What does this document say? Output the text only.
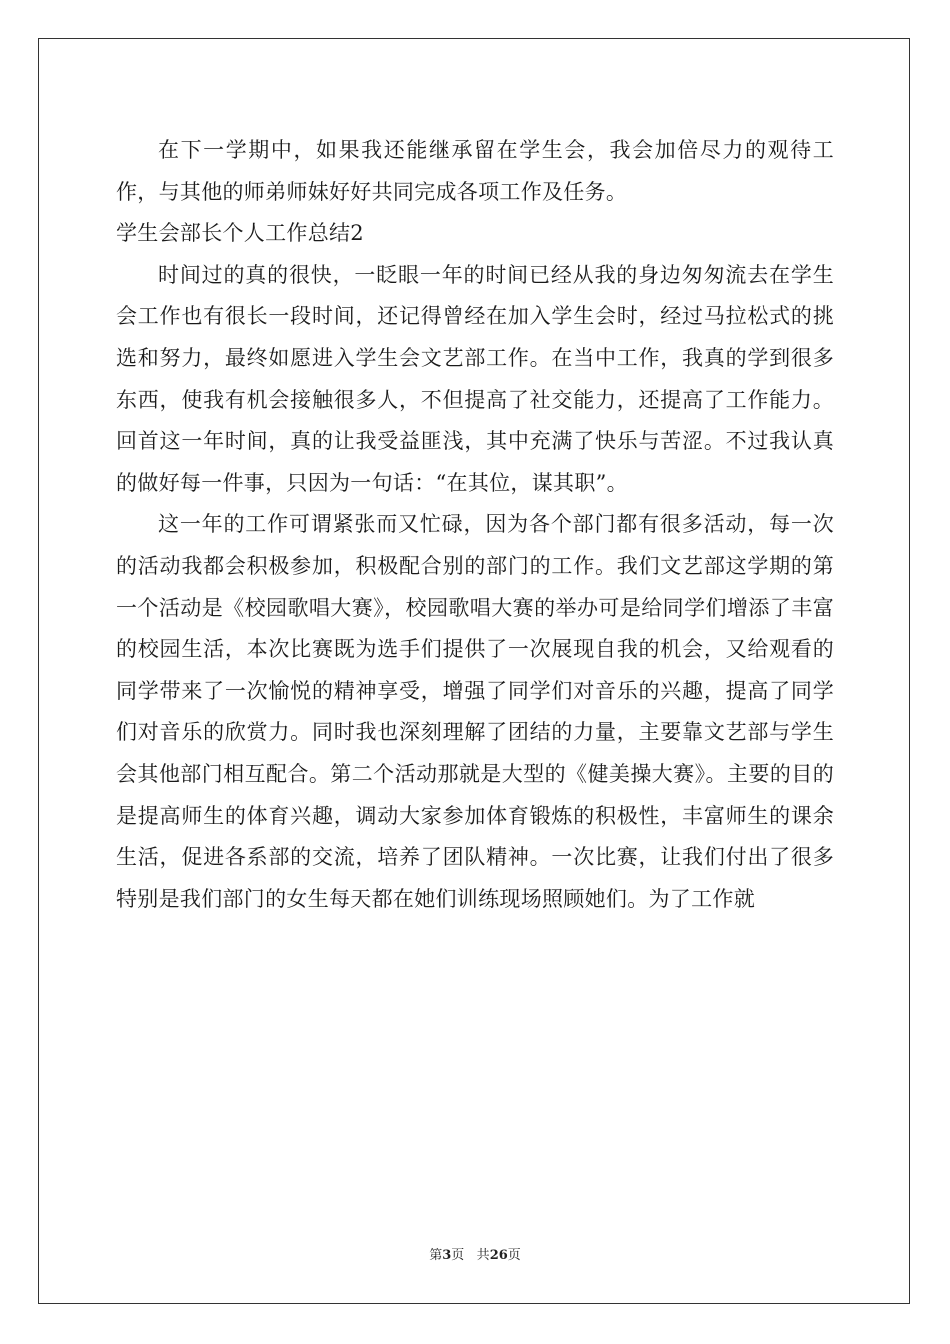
在下一学期中，如果我还能继承留在学生会，我会加倍尽力的观待工作，与其他的师弟师妹好好共同完成各项工作及任务。

学生会部长个人工作总结2

时间过的真的很快，一眨眼一年的时间已经从我的身边匆匆流去在学生会工作也有很长一段时间，还记得曾经在加入学生会时，经过马拉松式的挑选和努力，最终如愿进入学生会文艺部工作。在当中工作，我真的学到很多东西，使我有机会接触很多人，不但提高了社交能力，还提高了工作能力。回首这一年时间，真的让我受益匪浅，其中充满了快乐与苦涩。不过我认真的做好每一件事，只因为一句话：“在其位，谋其职”。

这一年的工作可谓紧张而又忙碌，因为各个部门都有很多活动，每一次的活动我都会积极参加，积极配合别的部门的工作。我们文艺部这学期的第一个活动是《校园歌唱大赛》，校园歌唱大赛的举办可是给同学们增添了丰富的校园生活，本次比赛既为选手们提供了一次展现自我的机会，又给观看的同学带来了一次愉悦的精神享受，增强了同学们对音乐的兴趣，提高了同学们对音乐的欣赏力。同时我也深刻理解了团结的力量，主要靠文艺部与学生会其他部门相互配合。第二个活动那就是大型的《健美操大赛》。主要的目的是提高师生的体育兴趣，调动大家参加体育锻炼的积极性，丰富师生的课余生活，促进各系部的交流，培养了团队精神。一次比赛，让我们付出了很多特别是我们部门的女生每天都在她们训练现场照顾她们。为了工作就

第3页 共26页
